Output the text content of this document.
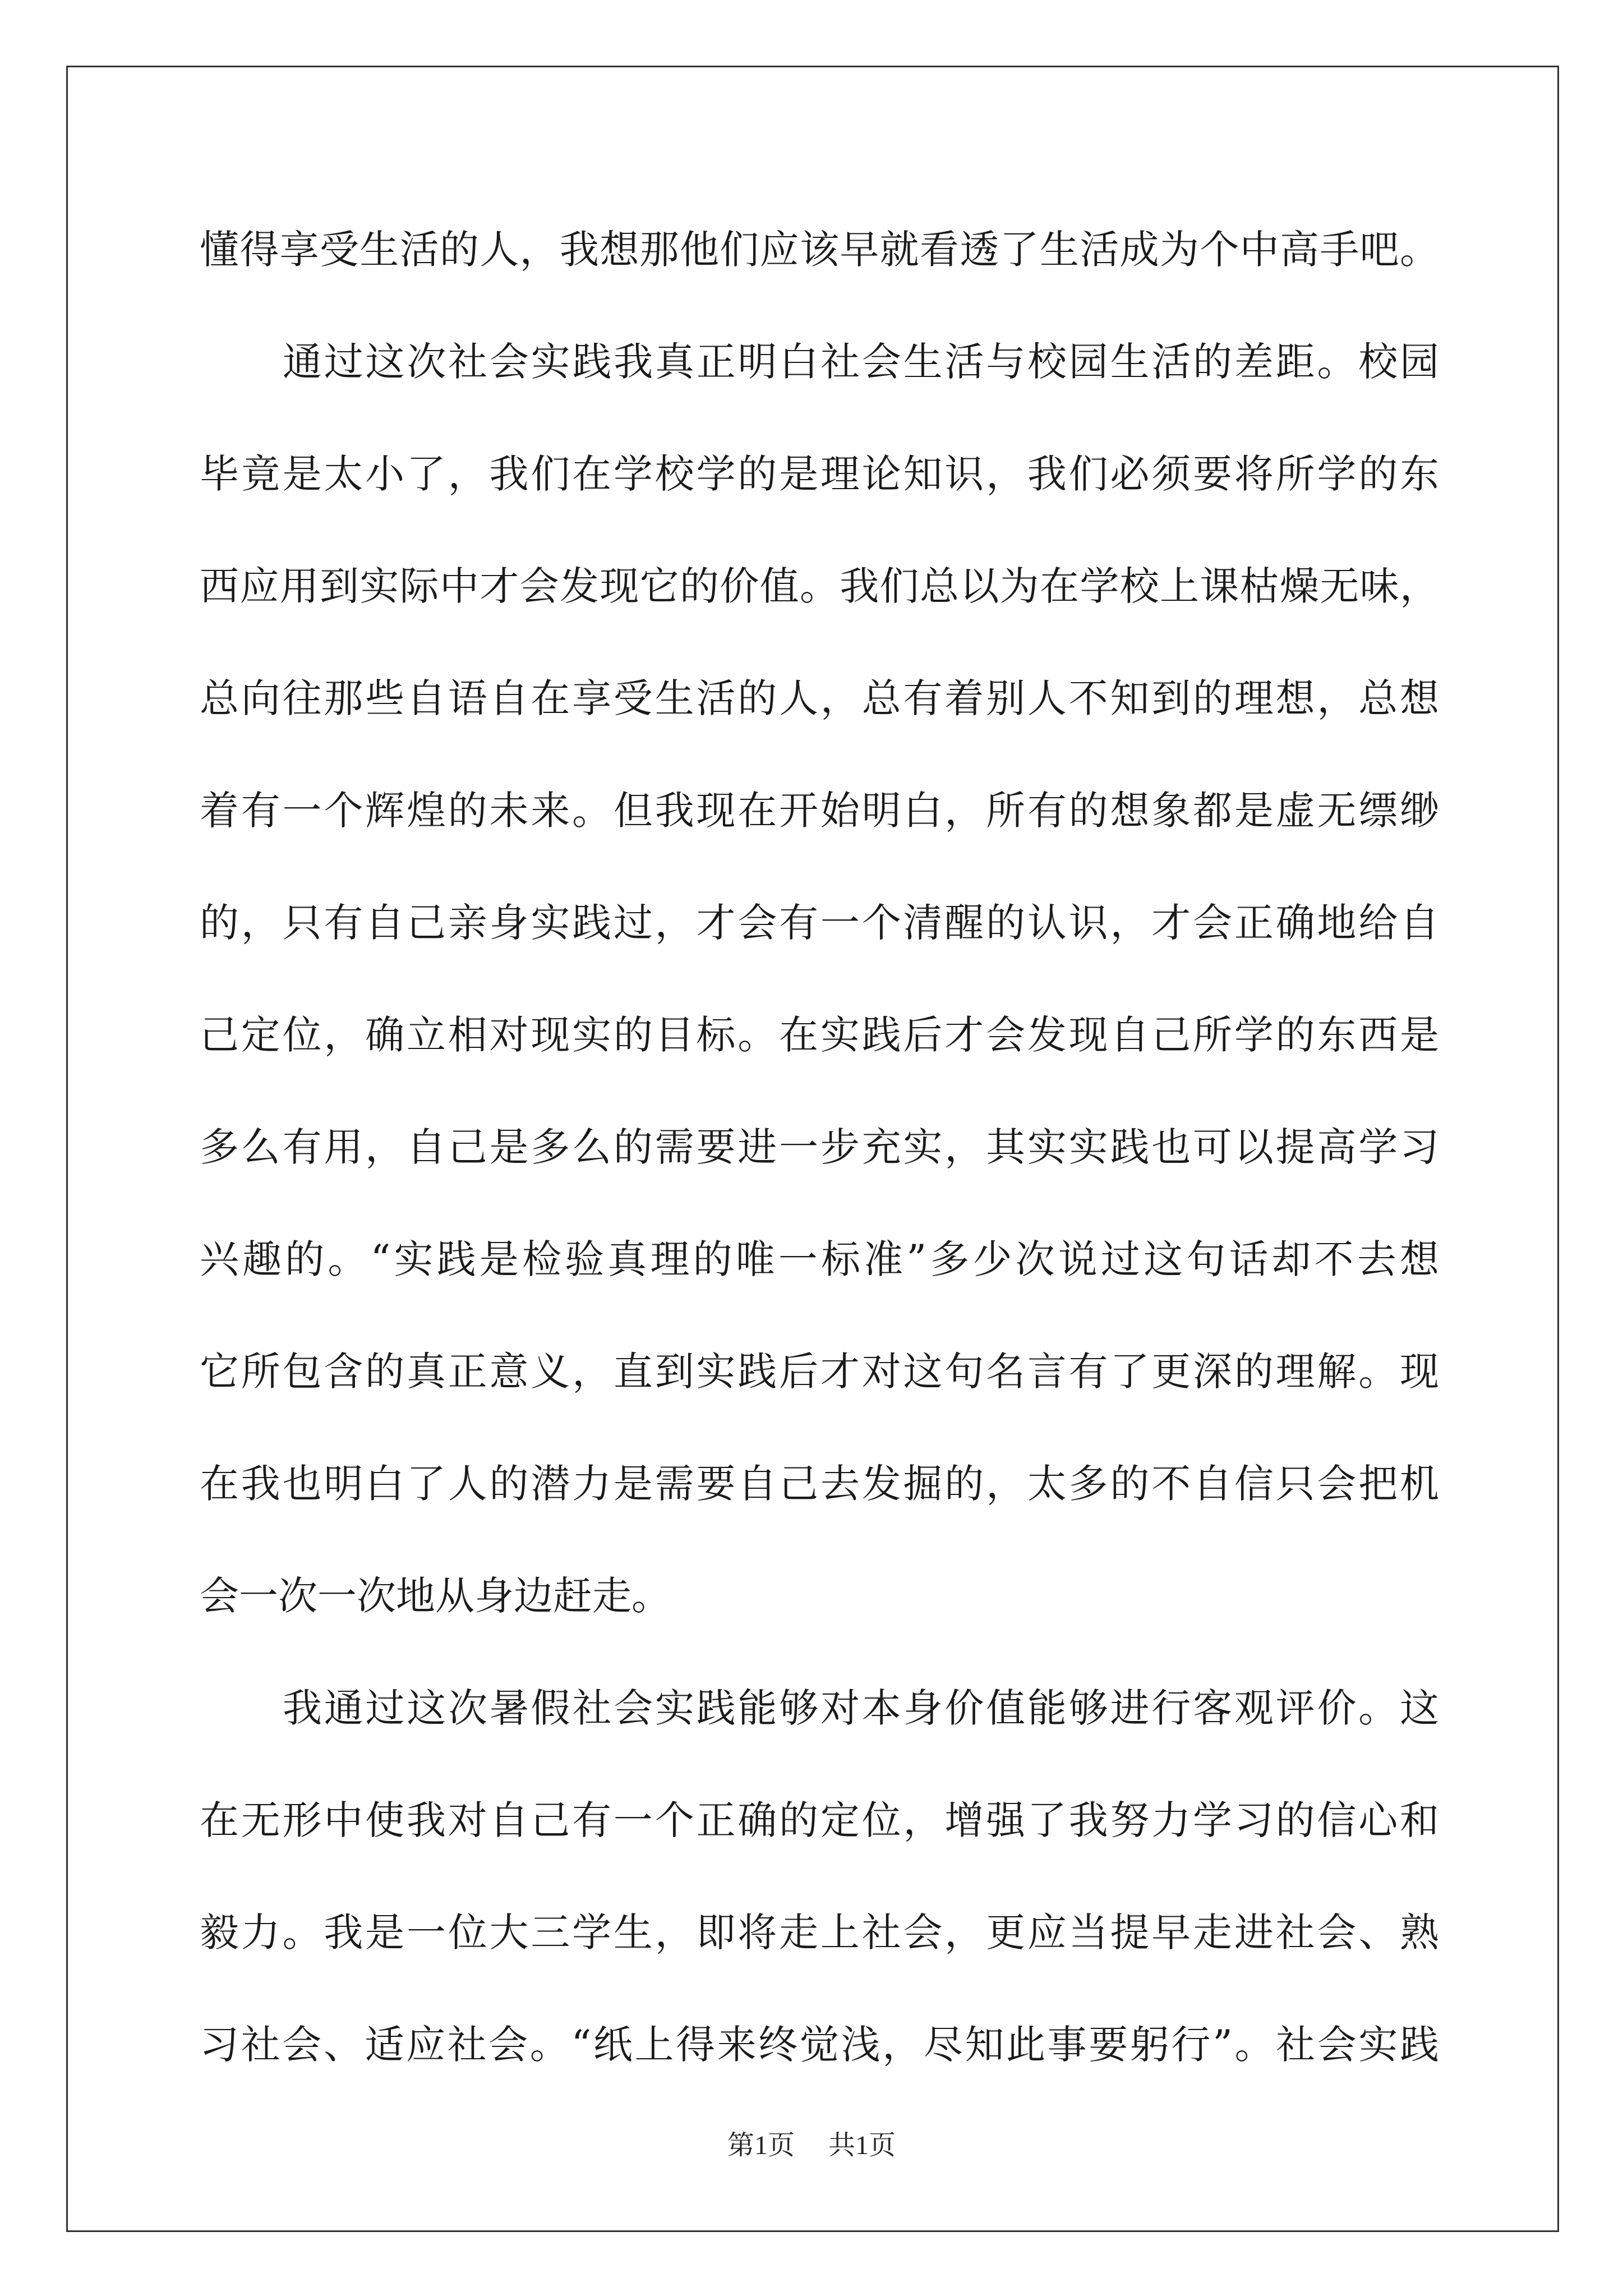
懂得享受生活的人，我想那他们应该早就看透了生活成为个中高手吧。
通过这次社会实践我真正明白社会生活与校园生活的差距。校园
毕竟是太小了，我们在学校学的是理论知识，我们必须要将所学的东
西应用到实际中才会发现它的价值。我们总以为在学校上课枯燥无味，
总向往那些自语自在享受生活的人，总有着别人不知到的理想，总想
着有一个辉煌的未来。但我现在开始明白，所有的想象都是虚无缥缈
的，只有自己亲身实践过，才会有一个清醒的认识，才会正确地给自
己定位，确立相对现实的目标。在实践后才会发现自己所学的东西是
多么有用，自己是多么的需要进一步充实，其实实践也可以提高学习
兴趣的。“实践是检验真理的唯一标准”多少次说过这句话却不去想
它所包含的真正意义，直到实践后才对这句名言有了更深的理解。现
在我也明白了人的潜力是需要自己去发掘的，太多的不自信只会把机
会一次一次地从身边赶走。
我通过这次暑假社会实践能够对本身价值能够进行客观评价。这
在无形中使我对自己有一个正确的定位，增强了我努力学习的信心和
毅力。我是一位大三学生，即将走上社会，更应当提早走进社会、熟
习社会、适应社会。“纸上得来终觉浅，尽知此事要躬行”。社会实践
第1页 共1页
